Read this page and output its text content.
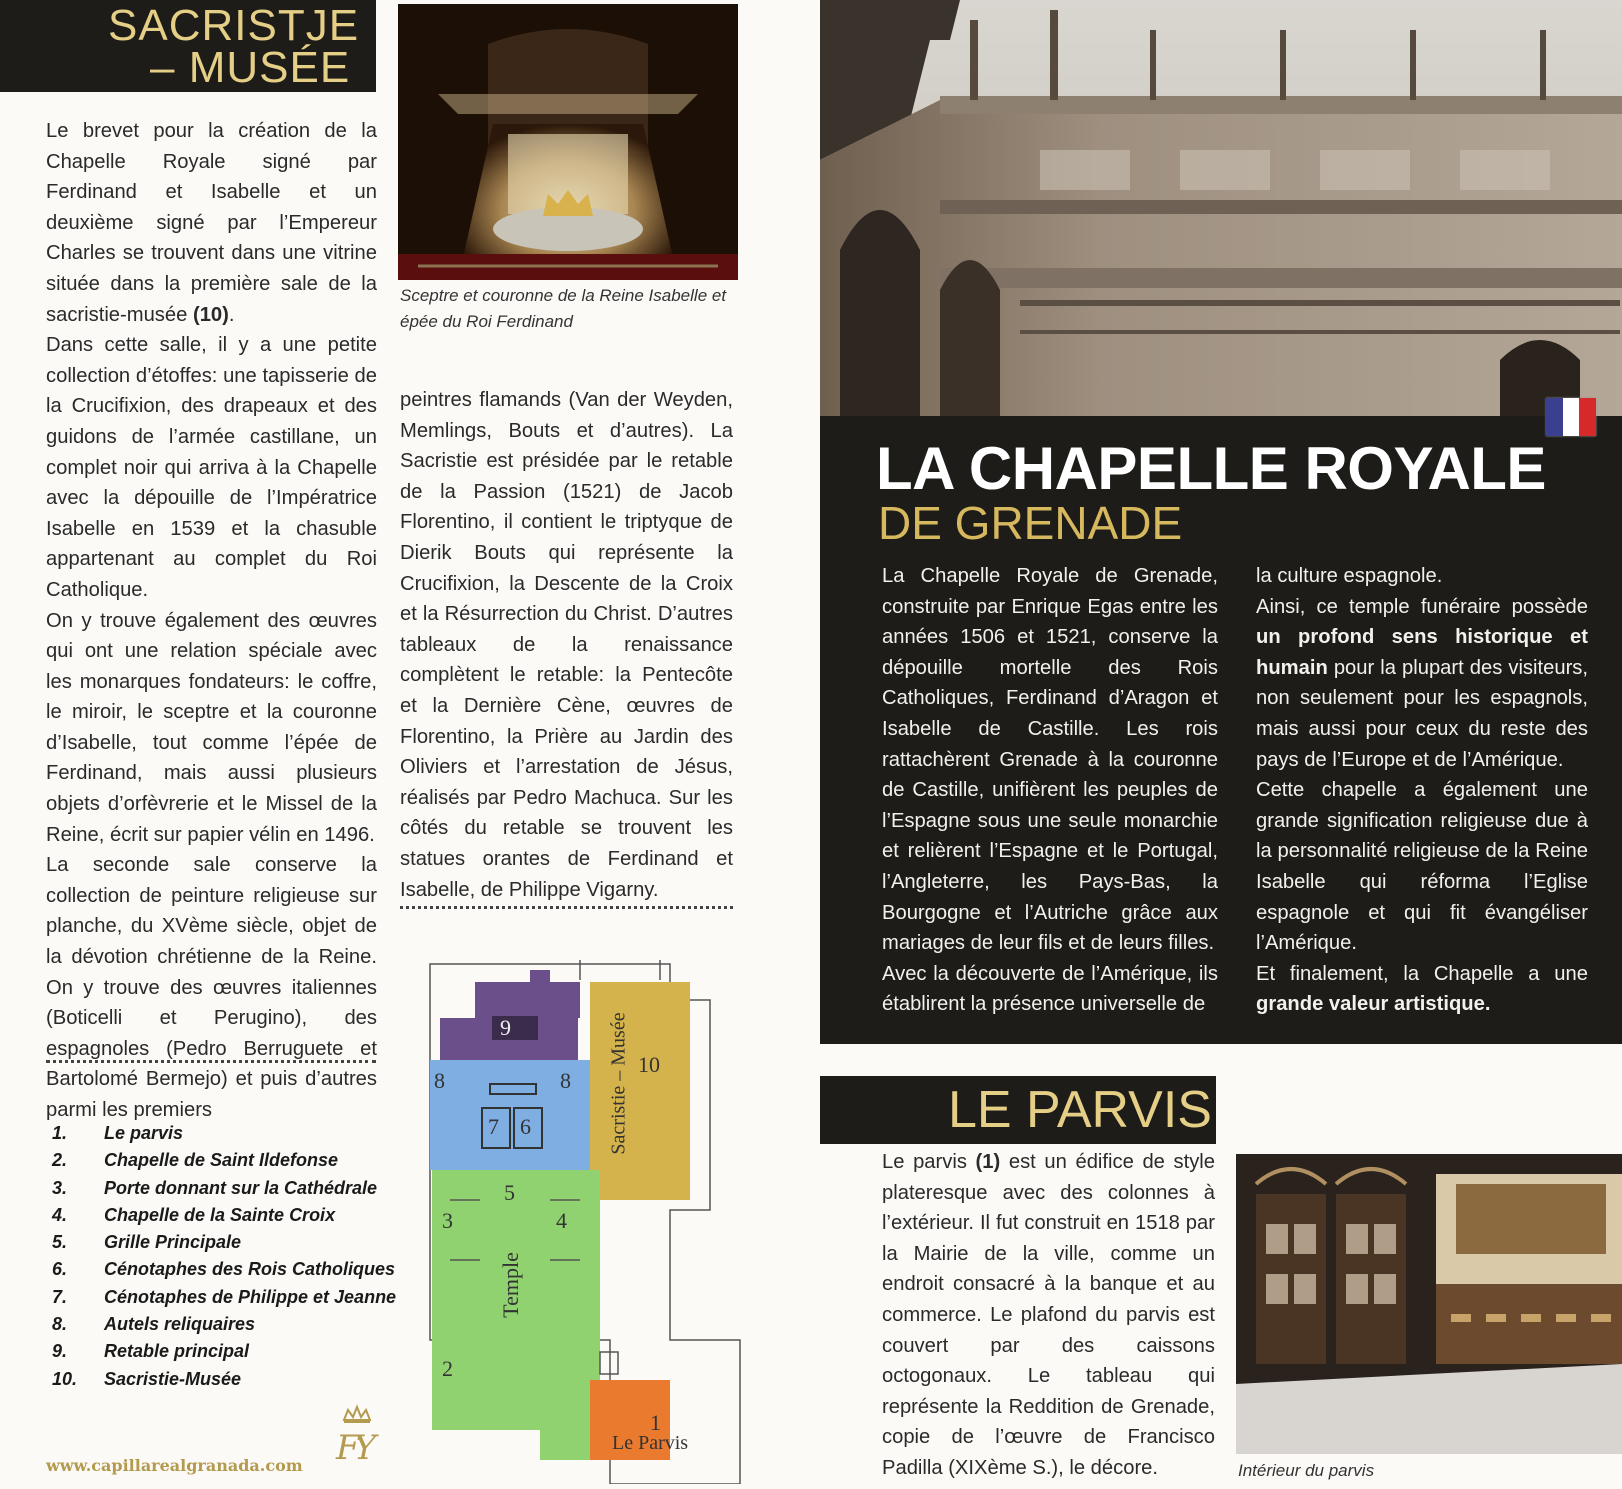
SACRISTJE
– MUSÉE

Le brevet pour la création de la Chapelle Royale signé par Ferdinand et Isabelle et un deuxième signé par l’Empereur Charles se trouvent dans une vitrine située dans la première sale de la sacristie-musée (10).

Dans cette salle, il y a une petite collection d’étoffes: une tapisserie de la Crucifixion, des drapeaux et des guidons de l’armée castillane, un complet noir qui arriva à la Chapelle avec la dépouille de l’Impératrice Isabelle en 1539 et la chasuble appartenant au complet du Roi Catholique.

On y trouve également des œuvres qui ont une relation spéciale avec les monarques fondateurs: le coffre, le miroir, le sceptre et la couronne d’Isabelle, tout comme l’épée de Ferdinand, mais aussi plusieurs objets d’orfèvrerie et le Missel de la Reine, écrit sur papier vélin en 1496.

La seconde sale conserve la collection de peinture religieuse sur planche, du XVème siècle, objet de la dévotion chrétienne de la Reine. On y trouve des œuvres italiennes (Boticelli et Perugino), des espagnoles (Pedro Berruguete et Bartolomé Bermejo) et puis d’autres parmi les premiers

1.	Le parvis
2.	Chapelle de Saint Ildefonse
3.	Porte donnant sur la Cathédrale
4.	Chapelle de la Sainte Croix
5.	Grille Principale
6.	Cénotaphes des Rois Catholiques
7.	Cénotaphes de Philippe et Jeanne
8.	Autels reliquaires
9.	Retable principal
10.	Sacristie-Musée
www.capillarealgranada.com FY
Sceptre et couronne de la Reine Isabelle et épée du Roi Ferdinand
peintres flamands (Van der Weyden, Memlings, Bouts et d’autres). La Sacristie est présidée par le retable de la Passion (1521) de Jacob Florentino, il contient le triptyque de Dierik Bouts qui représente la Crucifixion, la Descente de la Croix et la Résurrection du Christ. D’autres tableaux de la renaissance complètent le retable: la Pentecôte et la Dernière Cène, œuvres de Florentino, la Prière au Jardin des Oliviers et l’arrestation de Jésus, réalisés par Pedro Machuca. Sur les côtés du retable se trouvent les statues orantes de Ferdinand et Isabelle, de Philippe Vigarny.
9
8	8
7 6
5
4
3
2
10
1
Sacristie – Musée
Temple
Le Parvis
LA CHAPELLE ROYALE
DE GRENADE

La Chapelle Royale de Grenade, construite par Enrique Egas entre les années 1506 et 1521, conserve la dépouille mortelle des Rois Catholiques, Ferdinand d’Aragon et Isabelle de Castille. Les rois rattachèrent Grenade à la couronne de Castille, unifièrent les peuples de l’Espagne sous une seule monarchie et relièrent l’Espagne et le Portugal, l’Angleterre, les Pays-Bas, la Bourgogne et l’Autriche grâce aux mariages de leur fils et de leurs filles.

Avec la découverte de l’Amérique, ils établirent la présence universelle de

la culture espagnole.

Ainsi, ce temple funéraire possède un profond sens historique et humain pour la plupart des visiteurs, non seulement pour les espagnols, mais aussi pour ceux du reste des pays de l’Europe et de l’Amérique.

Cette chapelle a également une grande signification religieuse due à la personnalité religieuse de la Reine Isabelle qui réforma l’Eglise espagnole et qui fit évangéliser l’Amérique.

Et finalement, la Chapelle a une grande valeur artistique.

LE PARVIS

Le parvis (1) est un édifice de style plateresque avec des colonnes à l’extérieur. Il fut construit en 1518 par la Mairie de la ville, comme un endroit consacré à la banque et au commerce. Le plafond du parvis est couvert par des caissons octogonaux. Le tableau qui représente la Reddition de Grenade, copie de l’œuvre de Francisco Padilla (XIXème S.), le décore.	Intérieur du parvis
